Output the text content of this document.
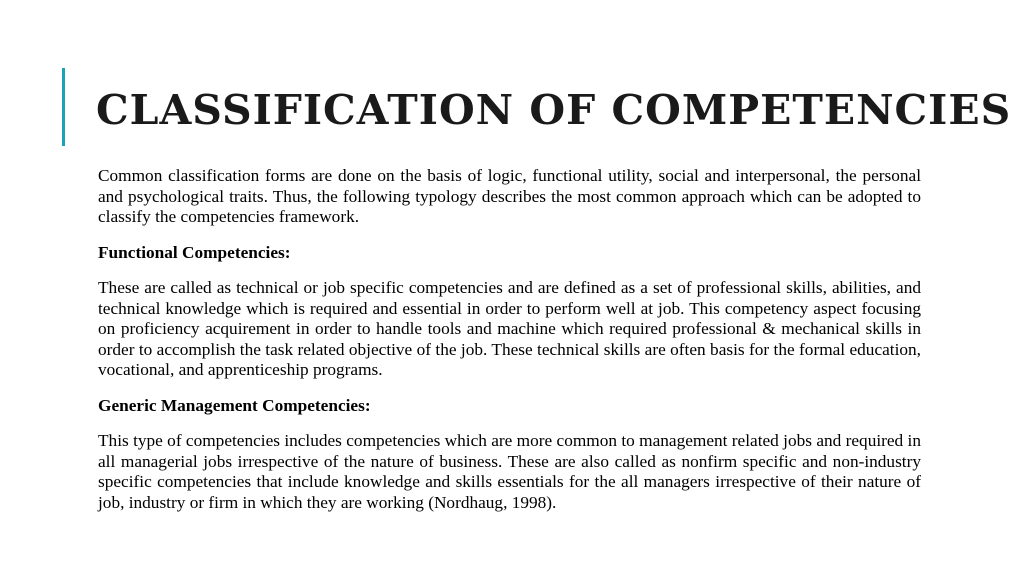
CLASSIFICATION OF COMPETENCIES

Common classification forms are done on the basis of logic, functional utility, social and interpersonal, the personal and psychological traits. Thus, the following typology describes the most common approach which can be adopted to classify the competencies framework.

Functional Competencies:

These are called as technical or job specific competencies and are defined as a set of professional skills, abilities, and technical knowledge which is required and essential in order to perform well at job. This competency aspect focusing on proficiency acquirement in order to handle tools and machine which required professional & mechanical skills in order to accomplish the task related objective of the job. These technical skills are often basis for the formal education, vocational, and apprenticeship programs.

Generic Management Competencies:

This type of competencies includes competencies which are more common to management related jobs and required in all managerial jobs irrespective of the nature of business. These are also called as nonfirm specific and non-industry specific competencies that include knowledge and skills essentials for the all managers irrespective of their nature of job, industry or firm in which they are working (Nordhaug, 1998).
